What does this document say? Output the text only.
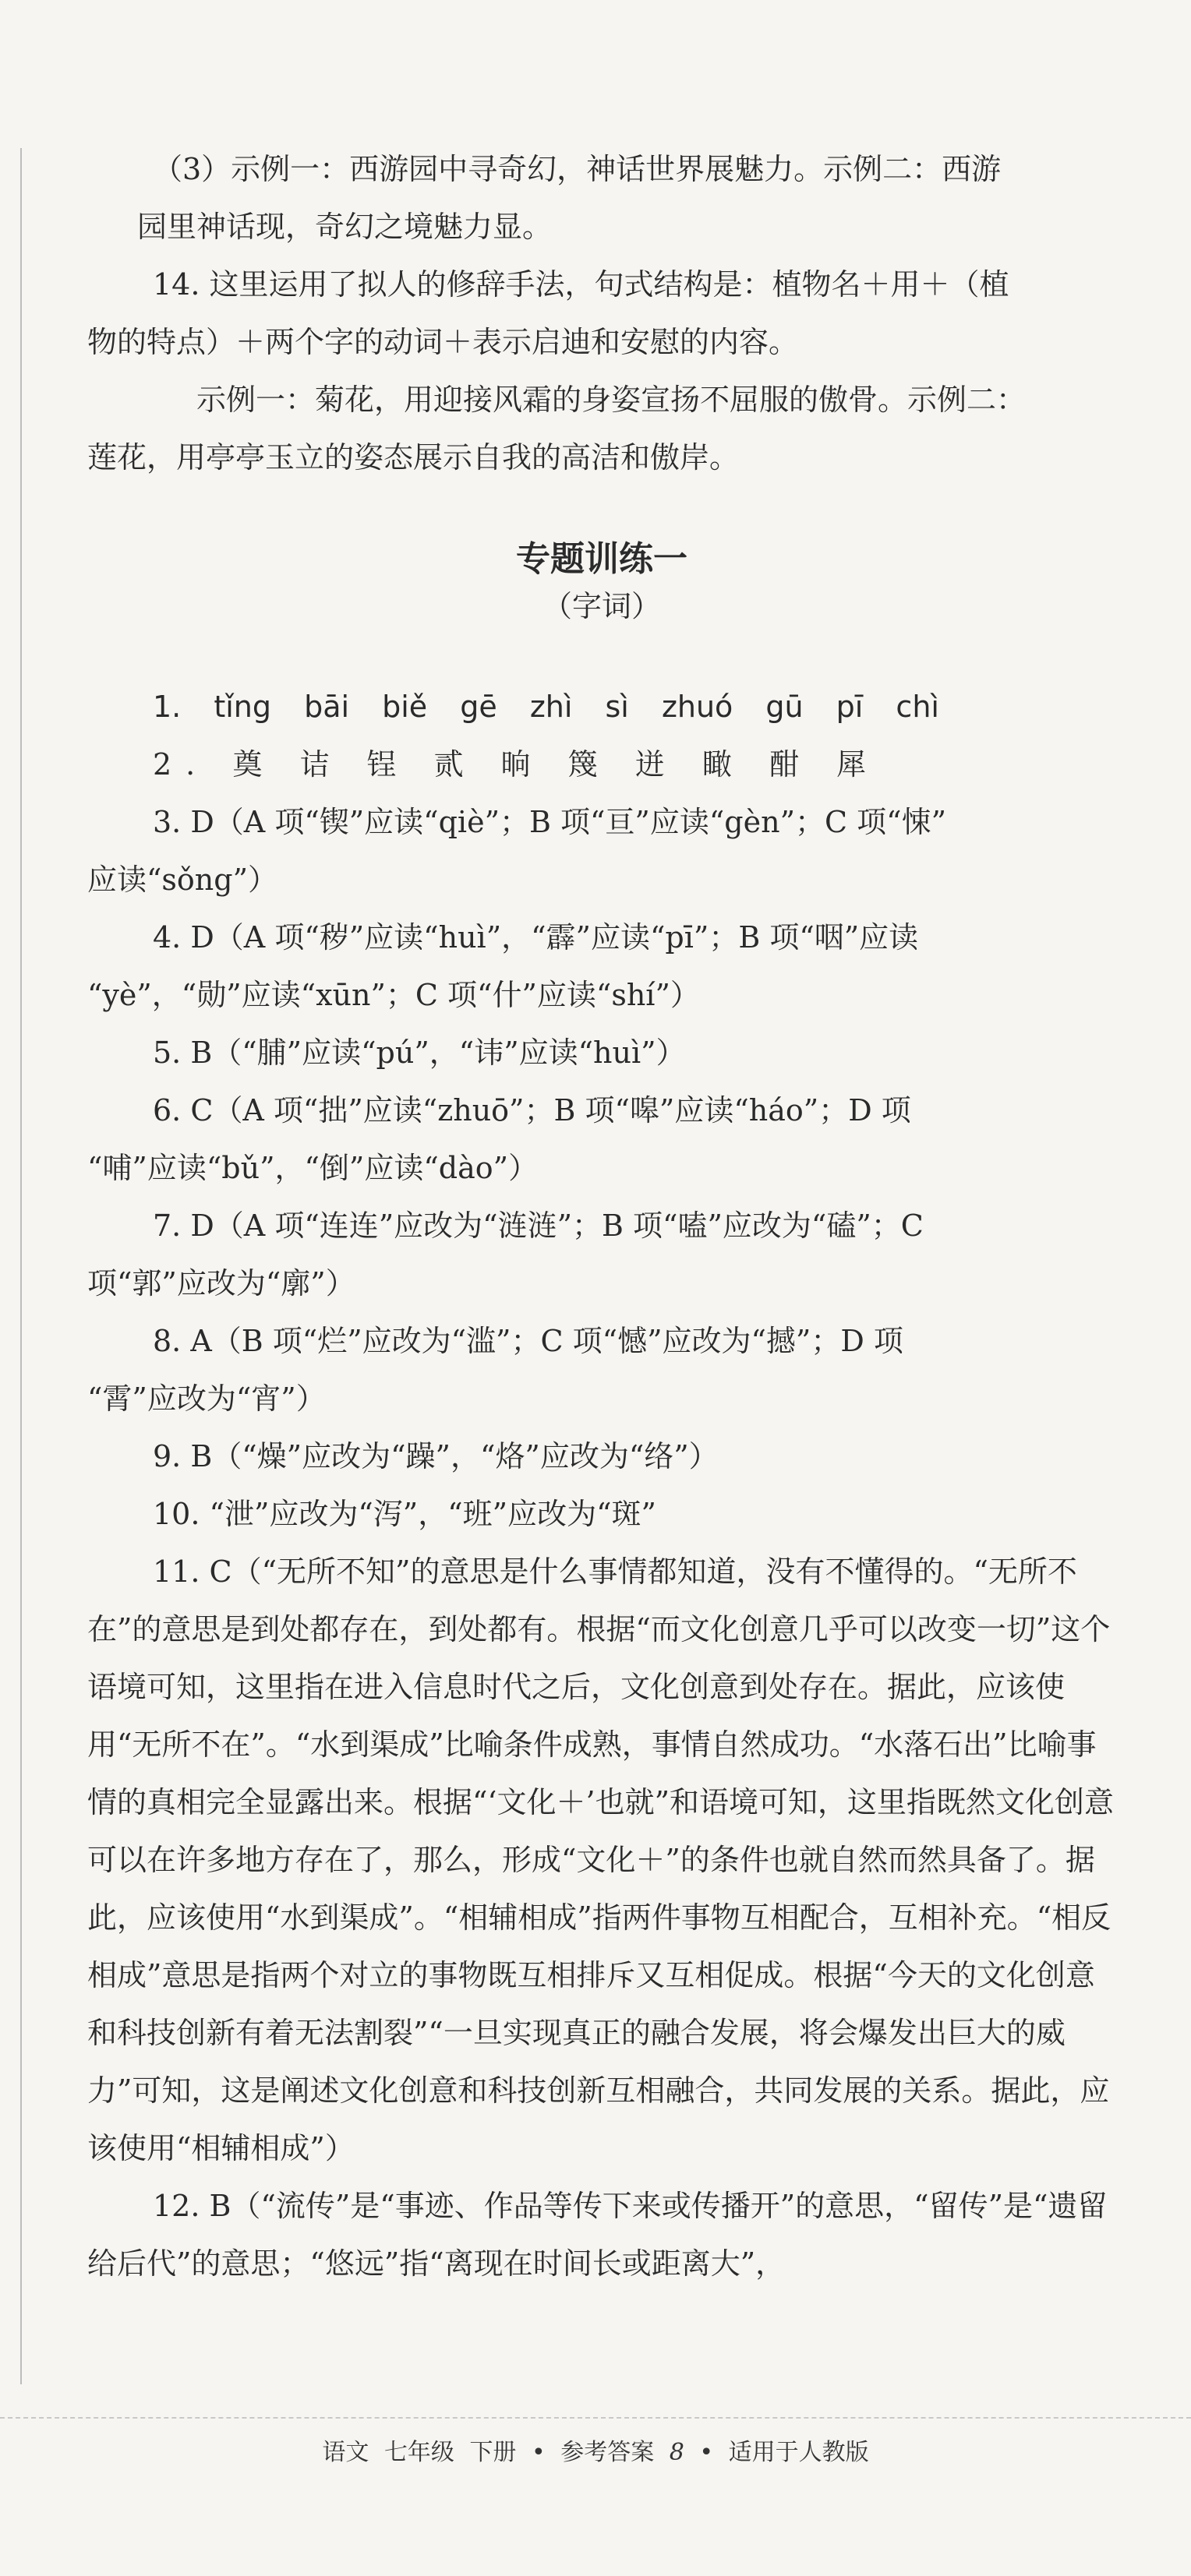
（3）示例一：西游园中寻奇幻，神话世界展魅力。示例二：西游

园里神话现，奇幻之境魅力显。

14. 这里运用了拟人的修辞手法，句式结构是：植物名＋用＋（植

物的特点）＋两个字的动词＋表示启迪和安慰的内容。

示例一：菊花，用迎接风霜的身姿宣扬不屈服的傲骨。示例二：

莲花，用亭亭玉立的姿态展示自我的高洁和傲岸。

专题训练一
（字词）

1. tǐng bāi biě gē zhì sì zhuó gū pī chì

2. 奠 诘 锃 贰 晌 篾 迸 瞰 酣 犀

3. D（A 项“锲”应读“qiè”；B 项“亘”应读“gèn”；C 项“悚”

应读“sǒng”）

4. D（A 项“秽”应读“huì”，“霹”应读“pī”；B 项“咽”应读

“yè”，“勋”应读“xūn”；C 项“什”应读“shí”）

5. B（“脯”应读“pú”，“讳”应读“huì”）

6. C（A 项“拙”应读“zhuō”；B 项“嗥”应读“háo”；D 项

“哺”应读“bǔ”，“倒”应读“dào”）

7. D（A 项“连连”应改为“涟涟”；B 项“嗑”应改为“磕”；C

项“郭”应改为“廓”）

8. A（B 项“烂”应改为“滥”；C 项“憾”应改为“撼”；D 项

“霄”应改为“宵”）

9. B（“燥”应改为“躁”，“烙”应改为“络”）

10. “泄”应改为“泻”，“班”应改为“斑”

11. C（“无所不知”的意思是什么事情都知道，没有不懂得的。“无所不在”的意思是到处都存在，到处都有。根据“而文化创意几乎可以改变一切”这个语境可知，这里指在进入信息时代之后，文化创意到处存在。据此，应该使用“无所不在”。“水到渠成”比喻条件成熟，事情自然成功。“水落石出”比喻事情的真相完全显露出来。根据“‘文化＋’也就”和语境可知，这里指既然文化创意可以在许多地方存在了，那么，形成“文化＋”的条件也就自然而然具备了。据此，应该使用“水到渠成”。“相辅相成”指两件事物互相配合，互相补充。“相反相成”意思是指两个对立的事物既互相排斥又互相促成。根据“今天的文化创意和科技创新有着无法割裂”“一旦实现真正的融合发展，将会爆发出巨大的威力”可知，这是阐述文化创意和科技创新互相融合，共同发展的关系。据此，应该使用“相辅相成”）

12. B（“流传”是“事迹、作品等传下来或传播开”的意思，“留传”是“遗留给后代”的意思；“悠远”指“离现在时间长或距离大”，

语文 七年级 下册 • 参考答案 8 • 适用于人教版
